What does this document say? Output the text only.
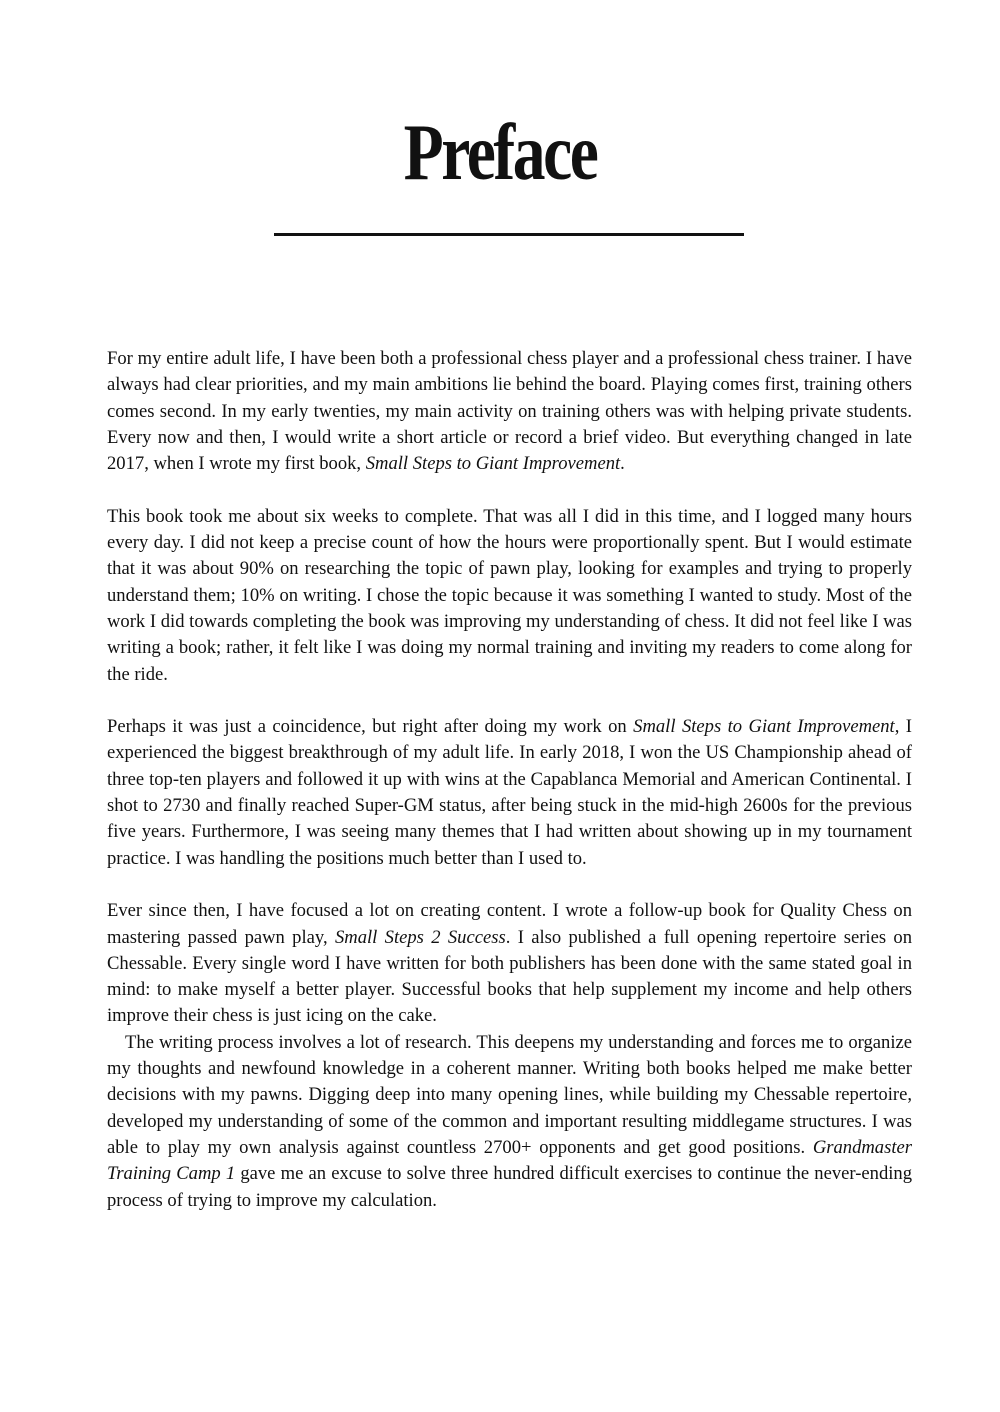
Preface

For my entire adult life, I have been both a professional chess player and a professional chess trainer. I have always had clear priorities, and my main ambitions lie behind the board. Playing comes first, training others comes second. In my early twenties, my main activity on training others was with helping private students. Every now and then, I would write a short article or record a brief video. But everything changed in late 2017, when I wrote my first book, Small Steps to Giant Improvement.

This book took me about six weeks to complete. That was all I did in this time, and I logged many hours every day. I did not keep a precise count of how the hours were proportionally spent. But I would estimate that it was about 90% on researching the topic of pawn play, looking for examples and trying to properly understand them; 10% on writing. I chose the topic because it was something I wanted to study. Most of the work I did towards completing the book was improving my understanding of chess. It did not feel like I was writing a book; rather, it felt like I was doing my normal training and inviting my readers to come along for the ride.

Perhaps it was just a coincidence, but right after doing my work on Small Steps to Giant Improvement, I experienced the biggest breakthrough of my adult life. In early 2018, I won the US Championship ahead of three top-ten players and followed it up with wins at the Capablanca Memorial and American Continental. I shot to 2730 and finally reached Super-GM status, after being stuck in the mid-high 2600s for the previous five years. Furthermore, I was seeing many themes that I had written about showing up in my tournament practice. I was handling the positions much better than I used to.

Ever since then, I have focused a lot on creating content. I wrote a follow-up book for Quality Chess on mastering passed pawn play, Small Steps 2 Success. I also published a full opening repertoire series on Chessable. Every single word I have written for both publishers has been done with the same stated goal in mind: to make myself a better player. Successful books that help supplement my income and help others improve their chess is just icing on the cake.

The writing process involves a lot of research. This deepens my understanding and forces me to organize my thoughts and newfound knowledge in a coherent manner. Writing both books helped me make better decisions with my pawns. Digging deep into many opening lines, while building my Chessable repertoire, developed my understanding of some of the common and important resulting middlegame structures. I was able to play my own analysis against countless 2700+ opponents and get good positions. Grandmaster Training Camp 1 gave me an excuse to solve three hundred difficult exercises to continue the never-ending process of trying to improve my calculation.
